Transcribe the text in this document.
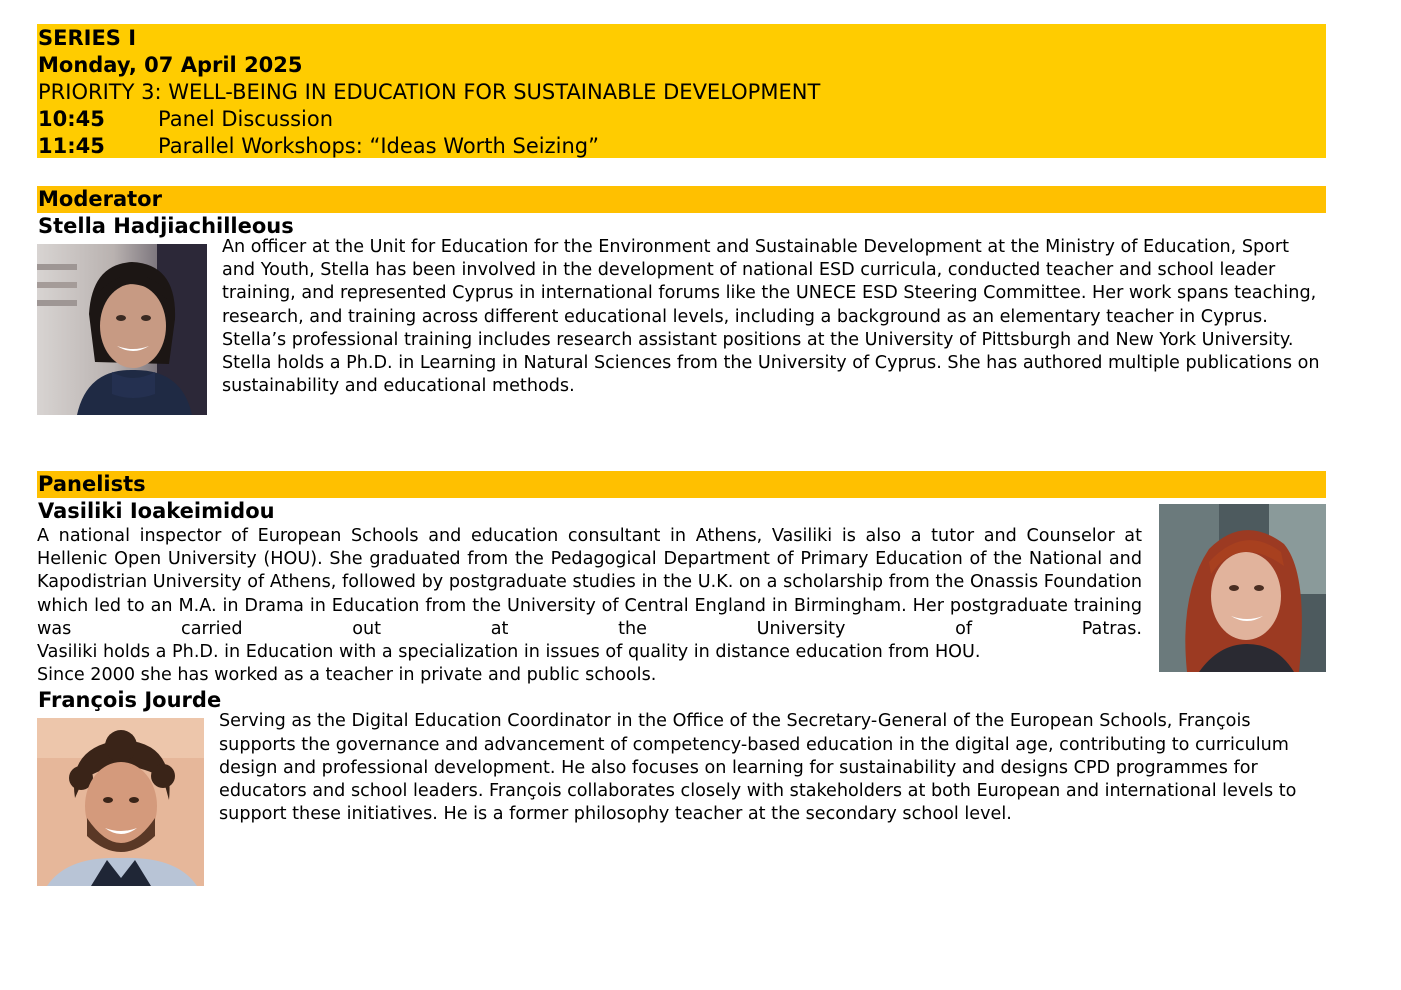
SERIES I
Monday, 07 April 2025
PRIORITY 3: WELL-BEING IN EDUCATION FOR SUSTAINABLE DEVELOPMENT
10:45	Panel Discussion
11:45	Parallel Workshops: “Ideas Worth Seizing”
Moderator
Stella Hadjiachilleous
An officer at the Unit for Education for the Environment and Sustainable Development at the Ministry of Education, Sport and Youth, Stella has been involved in the development of national ESD curricula, conducted teacher and school leader training, and represented Cyprus in international forums like the UNECE ESD Steering Committee. Her work spans teaching, research, and training across different educational levels, including a background as an elementary teacher in Cyprus. Stella’s professional training includes research assistant positions at the University of Pittsburgh and New York University. Stella holds a Ph.D. in Learning in Natural Sciences from the University of Cyprus. She has authored multiple publications on sustainability and educational methods.
Panelists
Vasiliki Ioakeimidou
A national inspector of European Schools and education consultant in Athens, Vasiliki is also a tutor and Counselor at Hellenic Open University (HOU). She graduated from the Pedagogical Department of Primary Education of the National and Kapodistrian University of Athens, followed by postgraduate studies in the U.K. on a scholarship from the Onassis Foundation which led to an M.A. in Drama in Education from the University of Central England in Birmingham. Her postgraduate training was carried out at the University of Patras.
Vasiliki holds a Ph.D. in Education with a specialization in issues of quality in distance education from HOU.
Since 2000 she has worked as a teacher in private and public schools.
François Jourde
Serving as the Digital Education Coordinator in the Office of the Secretary-General of the European Schools, François supports the governance and advancement of competency-based education in the digital age, contributing to curriculum design and professional development. He also focuses on learning for sustainability and designs CPD programmes for educators and school leaders. François collaborates closely with stakeholders at both European and international levels to support these initiatives. He is a former philosophy teacher at the secondary school level.
